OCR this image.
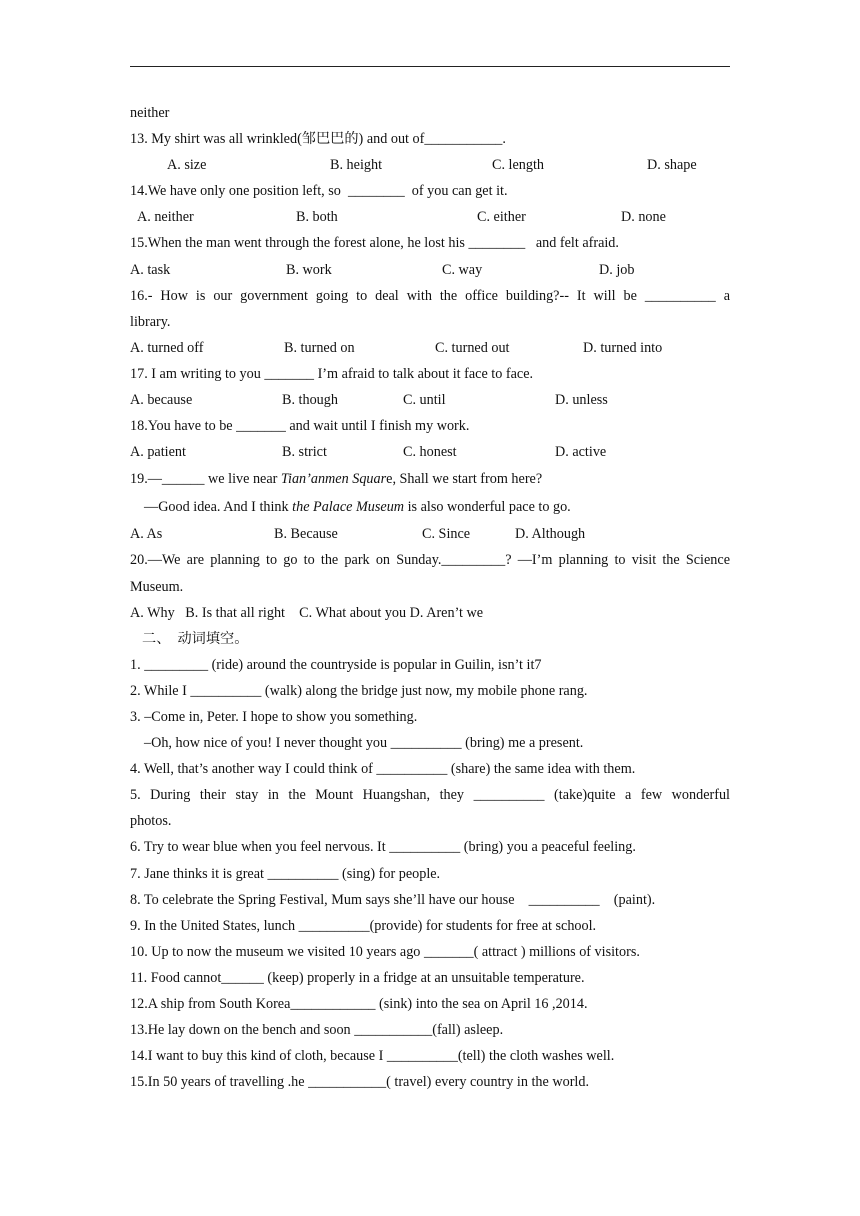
neither
13. My shirt was all wrinkled(邹巴巴的) and out of___________.
A. size	B. height	C. length	D. shape
14.We have only one position left, so  ________  of you can get it.
A. neither	B. both	C. either	D. none
15.When the man went through the forest alone, he lost his ________   and felt afraid.
A. task	B. work	C. way	D. job
16.- How is our government going to deal with the office building?-- It will be __________ a
library.
A. turned off	B. turned on	C. turned out	D. turned into
17. I am writing to you _______ I’m afraid to talk about it face to face.
A. because	B. though	C. until	D. unless
18.You have to be _______ and wait until I finish my work.
A. patient	B. strict	C. honest	D. active
19.—______ we live near Tian’anmen Square, Shall we start from here?
—Good idea. And I think the Palace Museum is also wonderful pace to go.
A. As	B. Because	C. Since	D. Although
20.—We are planning to go to the park on Sunday._________? —I’m planning to visit the Science
Museum.
A. Why   B. Is that all right    C. What about you D. Aren’t we
二、  动词填空。
1. _________ (ride) around the countryside is popular in Guilin, isn’t it7
2. While I __________ (walk) along the bridge just now, my mobile phone rang.
3. –Come in, Peter. I hope to show you something.
–Oh, how nice of you! I never thought you __________ (bring) me a present.
4. Well, that’s another way I could think of __________ (share) the same idea with them.
5. During their stay in the Mount Huangshan, they __________ (take)quite a few wonderful
photos.
6. Try to wear blue when you feel nervous. It __________ (bring) you a peaceful feeling.
7. Jane thinks it is great __________ (sing) for people.
8. To celebrate the Spring Festival, Mum says she’ll have our house    __________    (paint).
9. In the United States, lunch __________(provide) for students for free at school.
10. Up to now the museum we visited 10 years ago _______( attract ) millions of visitors.
11. Food cannot______ (keep) properly in a fridge at an unsuitable temperature.
12.A ship from South Korea____________ (sink) into the sea on April 16 ,2014.
13.He lay down on the bench and soon ___________(fall) asleep.
14.I want to buy this kind of cloth, because I __________(tell) the cloth washes well.
15.In 50 years of travelling .he ___________( travel) every country in the world.
